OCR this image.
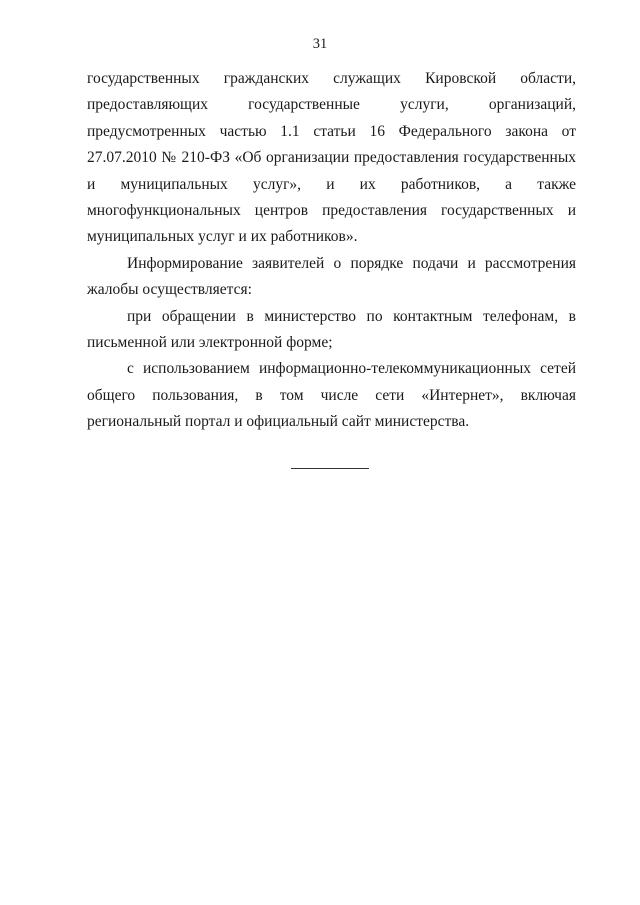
31

государственных гражданских служащих Кировской области, предоставляющих государственные услуги, организаций, предусмотренных частью 1.1 статьи 16 Федерального закона от 27.07.2010 № 210-ФЗ «Об организации предоставления государственных и муниципальных услуг», и их работников, а также многофункциональных центров предоставления государственных и муниципальных услуг и их работников».

Информирование заявителей о порядке подачи и рассмотрения жалобы осуществляется:

при обращении в министерство по контактным телефонам, в письменной или электронной форме;

с использованием информационно-телекоммуникационных сетей общего пользования, в том числе сети «Интернет», включая региональный портал и официальный сайт министерства.
